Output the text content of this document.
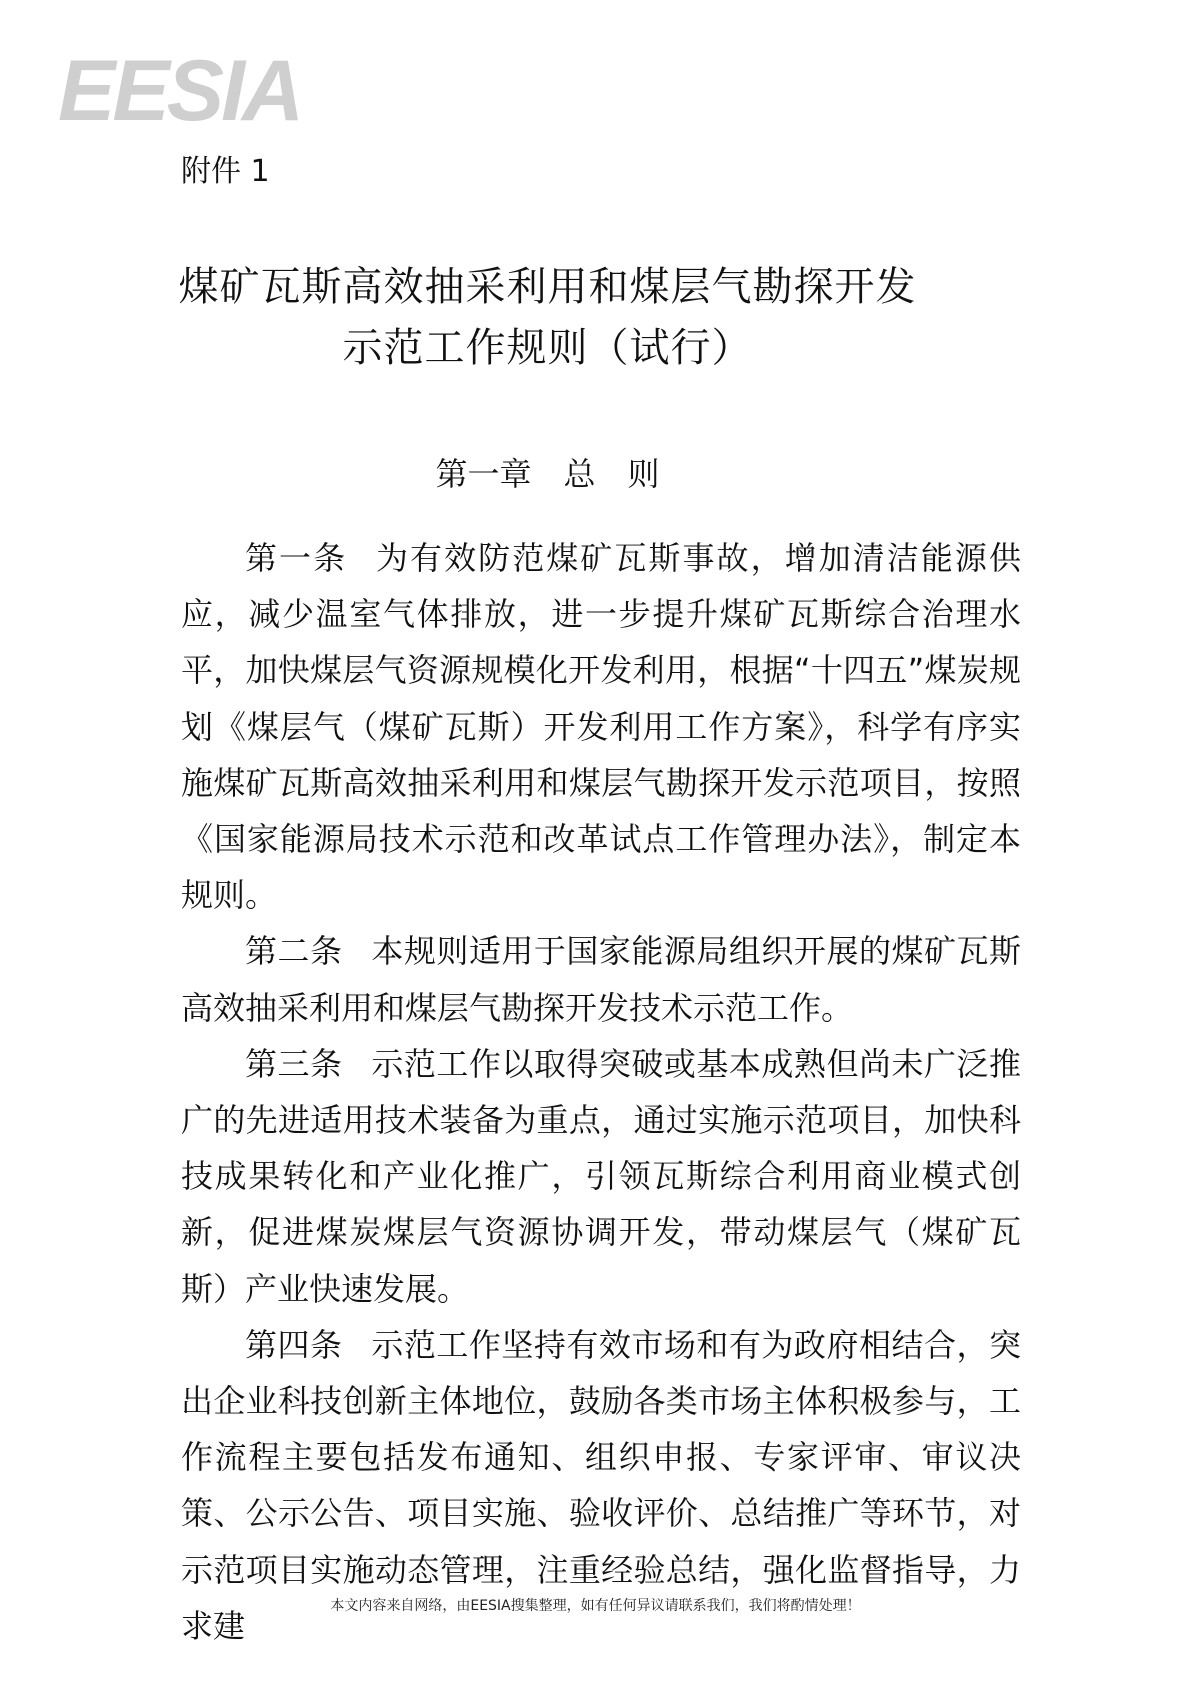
EESIA
附件 1
煤矿瓦斯高效抽采利用和煤层气勘探开发
示范工作规则（试行）
第一章　总　则

第一条 为有效防范煤矿瓦斯事故，增加清洁能源供应，减少温室气体排放，进一步提升煤矿瓦斯综合治理水平，加快煤层气资源规模化开发利用，根据“十四五”煤炭规划《煤层气（煤矿瓦斯）开发利用工作方案》，科学有序实施煤矿瓦斯高效抽采利用和煤层气勘探开发示范项目，按照《国家能源局技术示范和改革试点工作管理办法》，制定本规则。

第二条 本规则适用于国家能源局组织开展的煤矿瓦斯高效抽采利用和煤层气勘探开发技术示范工作。

第三条 示范工作以取得突破或基本成熟但尚未广泛推广的先进适用技术装备为重点，通过实施示范项目，加快科技成果转化和产业化推广，引领瓦斯综合利用商业模式创新，促进煤炭煤层气资源协调开发，带动煤层气（煤矿瓦斯）产业快速发展。

第四条 示范工作坚持有效市场和有为政府相结合，突出企业科技创新主体地位，鼓励各类市场主体积极参与，工作流程主要包括发布通知、组织申报、专家评审、审议决策、公示公告、项目实施、验收评价、总结推广等环节，对示范项目实施动态管理，注重经验总结，强化监督指导，力求建

本文内容来自网络，由EESIA搜集整理，如有任何异议请联系我们，我们将酌情处理！
